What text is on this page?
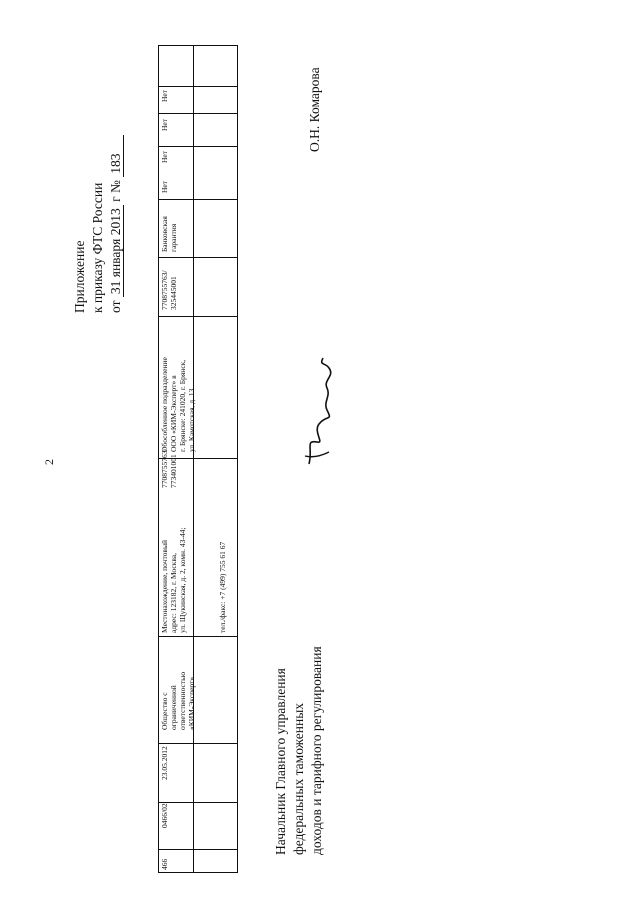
2
Приложение к приказу ФТС России от 31 января 2013 г № 183
466
0466/02
23.05.2012
Общество с ограниченной ответственностью «КИМ-Эксперт»
Местонахождение, почтовый адрес: 123182, г. Москва, ул. Щукинская, д. 2, комн. 43-44;	тел./факс: +7 (499) 755 61 67
7708755763/ 773401001
Обособленное подразделение ООО «КИМ-Эксперт» в г. Брянске: 241020, г. Брянск, ул. Камотская, д. 13
7708755763/ 325445001
Банковская гарантия
Нет
Нет
Нет
Нет
Начальник Главного управления федеральных таможенных доходов и тарифного регулирования
О.Н. Комарова
